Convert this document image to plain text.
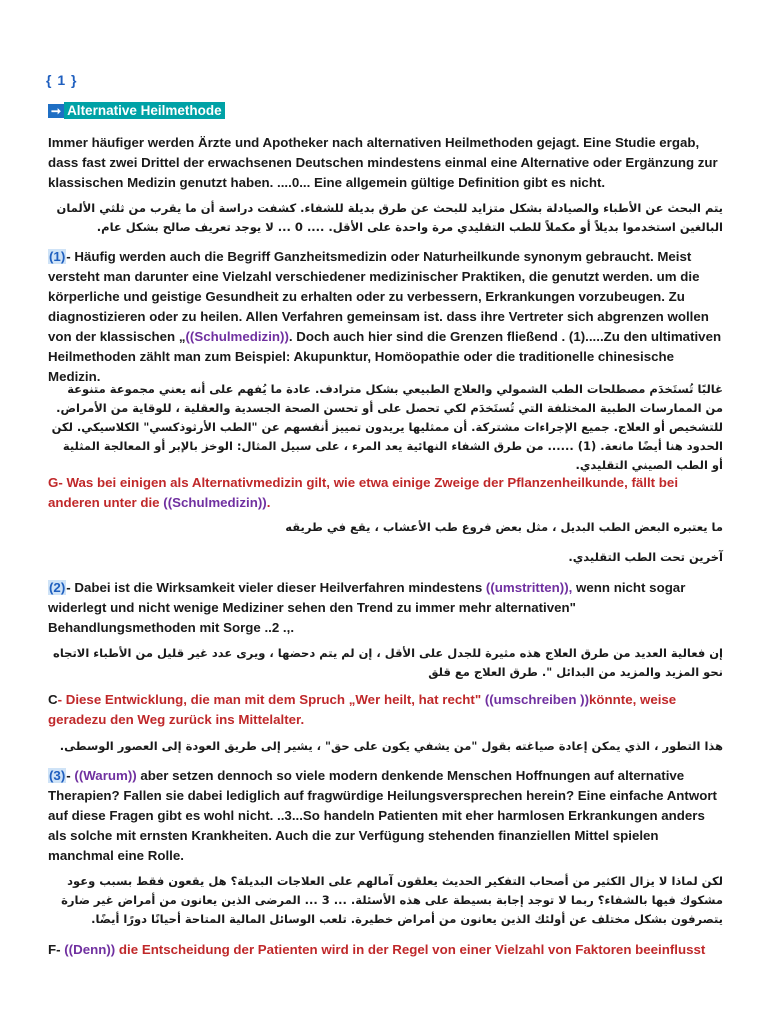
{ 1 }
➞ Alternative Heilmethode
Immer häufiger werden Ärzte und Apotheker nach alternativen Heilmethoden gejagt. Eine Studie ergab, dass fast zwei Drittel der erwachsenen Deutschen mindestens einmal eine Alternative oder Ergänzung zur klassischen Medizin genutzt haben. ....0... Eine allgemein gültige Definition gibt es nicht.
يتم البحث عن الأطباء والصيادلة بشكل متزايد للبحث عن طرق بديلة للشفاء. كشفت دراسة أن ما يقرب من ثلثي الألمان البالغين استخدموا بديلاً أو مكملاً للطب التقليدي مرة واحدة على الأقل. .... 0 ... لا يوجد تعريف صالح بشكل عام.
(1)- Häufig werden auch die Begriff Ganzheitsmedizin oder Naturheilkunde synonym gebraucht. Meist versteht man darunter eine Vielzahl verschiedener medizinischer Praktiken, die genutzt werden. um die körperliche und geistige Gesundheit zu erhalten oder zu verbessern, Erkrankungen vorzubeugen. Zu diagnostizieren oder zu heilen. Allen Verfahren gemeinsam ist. dass ihre Vertreter sich abgrenzen wollen von der klassischen „((Schulmedizin)). Doch auch hier sind die Grenzen fließend . (1).....Zu den ultimativen Heilmethoden zählt man zum Beispiel: Akupunktur, Homöopathie oder die traditionelle chinesische Medizin.
غالبًا تُستَخدَم مصطلحات الطب الشمولي والعلاج الطبيعي بشكل مترادف. عادة ما يُفهم على أنه يعني مجموعة متنوعة من الممارسات الطبية المختلفة التي تُستَخدَم لكي تحصل على أو تحسن الصحة الجسدية والعقلية ، للوقاية من الأمراض. للتشخيص أو العلاج. جميع الإجراءات مشتركة. أن ممثليها يريدون تمييز أنفسهم عن "الطب الأرثوذكسي" الكلاسيكي. لكن الحدود هنا أيضًا مانعة. (1) ...... من طرق الشفاء النهائية يعد المرء ، على سبيل المثال: الوخز بالإبر أو المعالجة المثلية أو الطب الصيني التقليدي.
G- Was bei einigen als Alternativmedizin gilt, wie etwa einige Zweige der Pflanzenheilkunde, fällt bei anderen unter die ((Schulmedizin)).
ما يعتبره البعض الطب البديل ، مثل بعض فروع طب الأعشاب ، يقع في طريقه
آخرين تحت الطب التقليدي.
(2)- Dabei ist die Wirksamkeit vieler dieser Heilverfahren mindestens ((umstritten)), wenn nicht sogar widerlegt und nicht wenige Mediziner sehen den Trend zu immer mehr alternativen" Behandlungsmethoden mit Sorge ..2 .,.
إن فعالية العديد من طرق العلاج هذه مثيرة للجدل على الأقل ، إن لم يتم دحضها ، ويرى عدد غير قليل من الأطباء الاتجاه نحو المزيد والمزيد من البدائل ". طرق العلاج مع قلق
C- Diese Entwicklung, die man mit dem Spruch „Wer heilt, hat recht" ((umschreiben ))könnte, weise geradezu den Weg zurück ins Mittelalter.
هذا التطور ، الذي يمكن إعادة صياغته بقول "من يشفي يكون على حق" ، يشير إلى طريق العودة إلى العصور الوسطى.
(3)- ((Warum)) aber setzen dennoch so viele modern denkende Menschen Hoffnungen auf alternative Therapien? Fallen sie dabei lediglich auf fragwürdige Heilungsversprechen herein? Eine einfache Antwort auf diese Fragen gibt es wohl nicht. ..3...So handeln Patienten mit eher harmlosen Erkrankungen anders als solche mit ernsten Krankheiten. Auch die zur Verfügung stehenden finanziellen Mittel spielen manchmal eine Rolle.
لكن لماذا لا يزال الكثير من أصحاب التفكير الحديث يعلقون آمالهم على العلاجات البديلة؟ هل يقعون فقط بسبب وعود مشكوك فيها بالشفاء؟ ربما لا توجد إجابة بسيطة على هذه الأسئلة. ... 3 ... المرضى الذين يعانون من أمراض غير ضارة يتصرفون بشكل مختلف عن أولئك الذين يعانون من أمراض خطيرة. تلعب الوسائل المالية المتاحة أحيانًا دورًا أيضًا.
F- ((Denn)) die Entscheidung der Patienten wird in der Regel von einer Vielzahl von Faktoren beeinflusst
